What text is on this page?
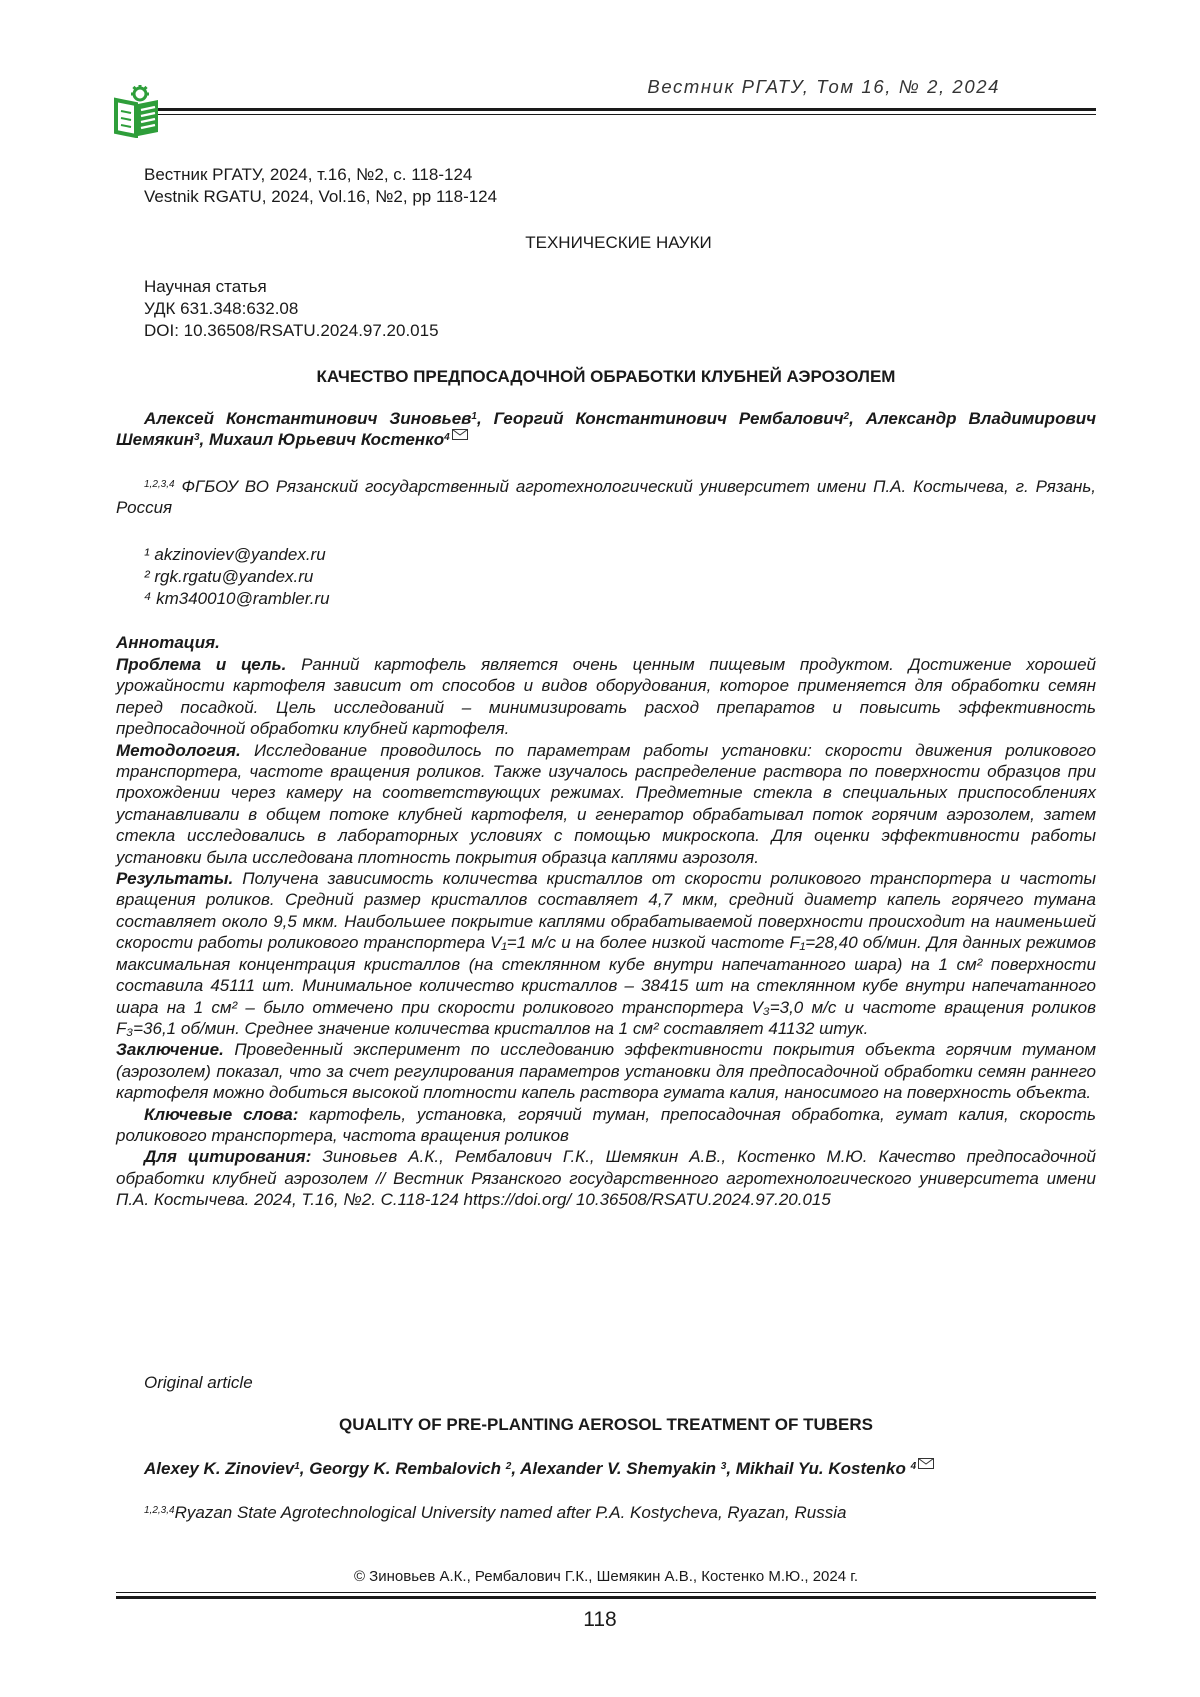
Вестник РГАТУ, Том 16, № 2, 2024
Вестник РГАТУ, 2024, т.16, №2, с. 118-124
Vestnik RGATU, 2024, Vol.16, №2, pp 118-124
ТЕХНИЧЕСКИЕ НАУКИ
Научная статья
УДК 631.348:632.08
DOI: 10.36508/RSATU.2024.97.20.015
КАЧЕСТВО ПРЕДПОСАДОЧНОЙ ОБРАБОТКИ КЛУБНЕЙ АЭРОЗОЛЕМ
Алексей Константинович Зиновьев$^1$, Георгий Константинович Рембалович$^2$, Александр Владимирович Шемякин$^3$, Михаил Юрьевич Костенко$^4$
$^{1,2,3,4}$ ФГБОУ ВО Рязанский государственный агротехнологический университет имени П.А. Костычева, г. Рязань, Россия
¹ akzinoviev@yandex.ru
² rgk.rgatu@yandex.ru
⁴ km340010@rambler.ru
Аннотация.
Проблема и цель. Ранний картофель является очень ценным пищевым продуктом. Достижение хорошей урожайности картофеля зависит от способов и видов оборудования, которое применяется для обработки семян перед посадкой. Цель исследований – минимизировать расход препаратов и повысить эффективность предпосадочной обработки клубней картофеля.
Методология. Исследование проводилось по параметрам работы установки: скорости движения роликового транспортера, частоте вращения роликов. Также изучалось распределение раствора по поверхности образцов при прохождении через камеру на соответствующих режимах. Предметные стекла в специальных приспособлениях устанавливали в общем потоке клубней картофеля, и генератор обрабатывал поток горячим аэрозолем, затем стекла исследовались в лабораторных условиях с помощью микроскопа. Для оценки эффективности работы установки была исследована плотность покрытия образца каплями аэрозоля.
Результаты. Получена зависимость количества кристаллов от скорости роликового транспортера и частоты вращения роликов. Средний размер кристаллов составляет 4,7 мкм, средний диаметр капель горячего тумана составляет около 9,5 мкм. Наибольшее покрытие каплями обрабатываемой поверхности происходит на наименьшей скорости работы роликового транспортера V₁=1 м/с и на более низкой частоте F₁=28,40 об/мин. Для данных режимов максимальная концентрация кристаллов (на стеклянном кубе внутри напечатанного шара) на 1 см² поверхности составила 45111 шт. Минимальное количество кристаллов – 38415 шт на стеклянном кубе внутри напечатанного шара на 1 см² – было отмечено при скорости роликового транспортера V₃=3,0 м/с и частоте вращения роликов F₃=36,1 об/мин. Среднее значение количества кристаллов на 1 см² составляет 41132 штук.
Заключение. Проведенный эксперимент по исследованию эффективности покрытия объекта горячим туманом (аэрозолем) показал, что за счет регулирования параметров установки для предпосадочной обработки семян раннего картофеля можно добиться высокой плотности капель раствора гумата калия, наносимого на поверхность объекта.
Ключевые слова: картофель, установка, горячий туман, препосадочная обработка, гумат калия, скорость роликового транспортера, частота вращения роликов
Для цитирования: Зиновьев А.К., Рембалович Г.К., Шемякин А.В., Костенко М.Ю. Качество предпосадочной обработки клубней аэрозолем // Вестник Рязанского государственного агротехнологического университета имени П.А. Костычева. 2024, Т.16, №2. С.118-124 https://doi.org/ 10.36508/RSATU.2024.97.20.015
Original article
QUALITY OF PRE-PLANTING AEROSOL TREATMENT OF TUBERS
Alexey K. Zinoviev$^1$, Georgy K. Rembalovich $^2$, Alexander V. Shemyakin $^3$, Mikhail Yu. Kostenko $^4$
$^{1,2,3,4}$Ryazan State Agrotechnological University named after P.A. Kostycheva, Ryazan, Russia
© Зиновьев А.К., Рембалович Г.К., Шемякин А.В., Костенко М.Ю., 2024 г.
118
